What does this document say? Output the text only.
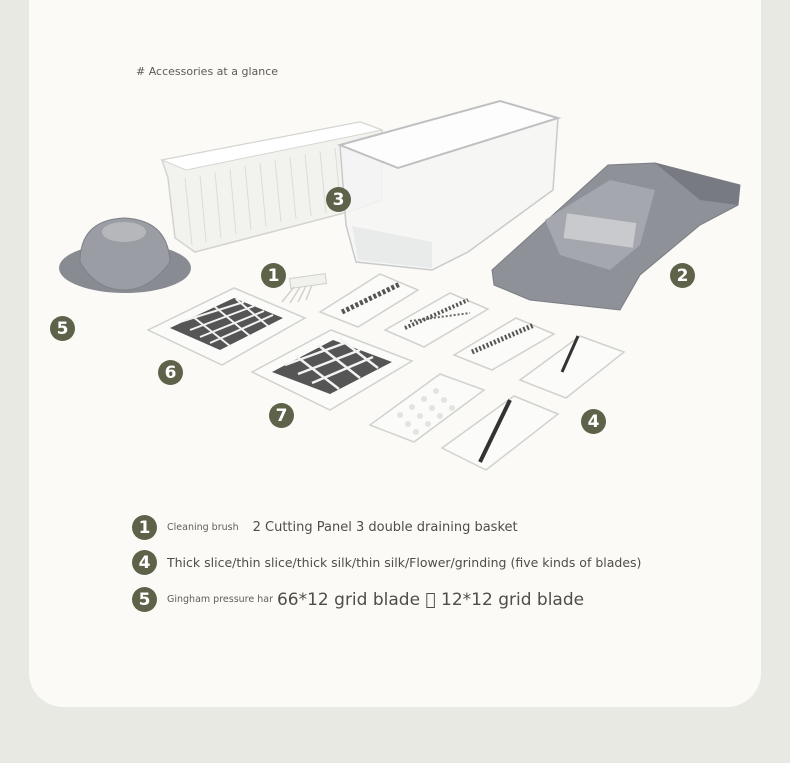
# Accessories at a glance
1	2
3
4
5
6
7
1	Cleaning brush 2 Cutting Panel 3 double draining basket
4	Thick slice/thin slice/thick silk/thin silk/Flower/grinding (five kinds of blades)
5	Gingham pressure har 66*12 grid blade   12*12 grid blade
